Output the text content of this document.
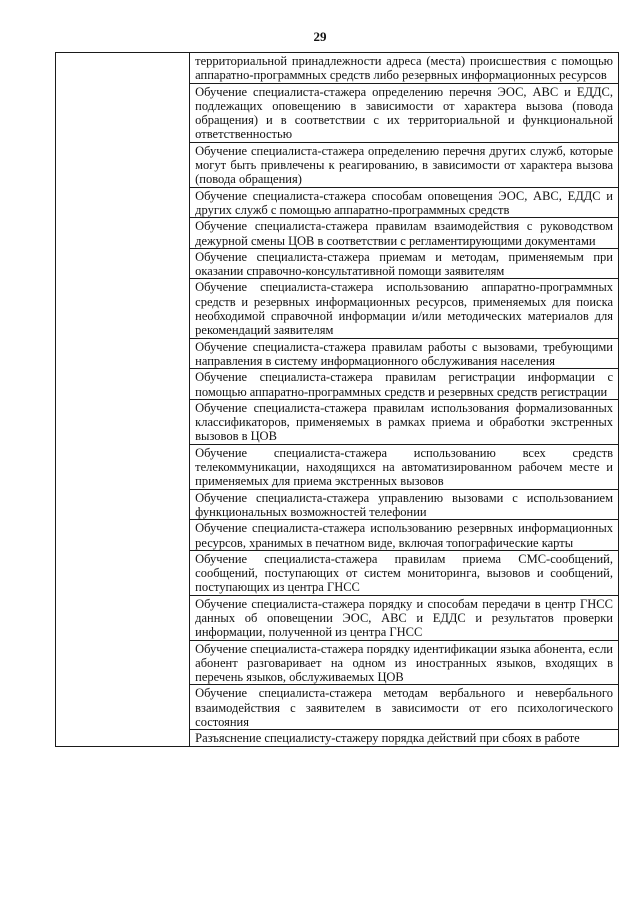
29
	территориальной принадлежности адреса (места) происшествия с помощью аппаратно-программных средств либо резервных информационных ресурсов
Обучение специалиста-стажера определению перечня ЭОС, АВС и ЕДДС, подлежащих оповещению в зависимости от характера вызова (повода обращения) и в соответствии с их территориальной и функциональной ответственностью
Обучение специалиста-стажера определению перечня других служб, которые могут быть привлечены к реагированию, в зависимости от характера вызова (повода обращения)
Обучение специалиста-стажера способам оповещения ЭОС, АВС, ЕДДС и других служб с помощью аппаратно-программных средств
Обучение специалиста-стажера правилам взаимодействия с руководством дежурной смены ЦОВ в соответствии с регламентирующими документами
Обучение специалиста-стажера приемам и методам, применяемым при оказании справочно-консультативной помощи заявителям
Обучение специалиста-стажера использованию аппаратно-программных средств и резервных информационных ресурсов, применяемых для поиска необходимой справочной информации и/или методических материалов для рекомендаций заявителям
Обучение специалиста-стажера правилам работы с вызовами, требующими направления в систему информационного обслуживания населения
Обучение специалиста-стажера правилам регистрации информации с помощью аппаратно-программных средств и резервных средств регистрации
Обучение специалиста-стажера правилам использования формализованных классификаторов, применяемых в рамках приема и обработки экстренных вызовов в ЦОВ
Обучение специалиста-стажера использованию всех средств телекоммуникации, находящихся на автоматизированном рабочем месте и применяемых для приема экстренных вызовов
Обучение специалиста-стажера управлению вызовами с использованием функциональных возможностей телефонии
Обучение специалиста-стажера использованию резервных информационных ресурсов, хранимых в печатном виде, включая топографические карты
Обучение специалиста-стажера правилам приема СМС-сообщений, сообщений, поступающих от систем мониторинга, вызовов и сообщений, поступающих из центра ГНСС
Обучение специалиста-стажера порядку и способам передачи в центр ГНСС данных об оповещении ЭОС, АВС и ЕДДС и результатов проверки информации, полученной из центра ГНСС
Обучение специалиста-стажера порядку идентификации языка абонента, если абонент разговаривает на одном из иностранных языков, входящих в перечень языков, обслуживаемых ЦОВ
Обучение специалиста-стажера методам вербального и невербального взаимодействия с заявителем в зависимости от его психологического состояния
Разъяснение специалисту-стажеру порядка действий при сбоях в работе
